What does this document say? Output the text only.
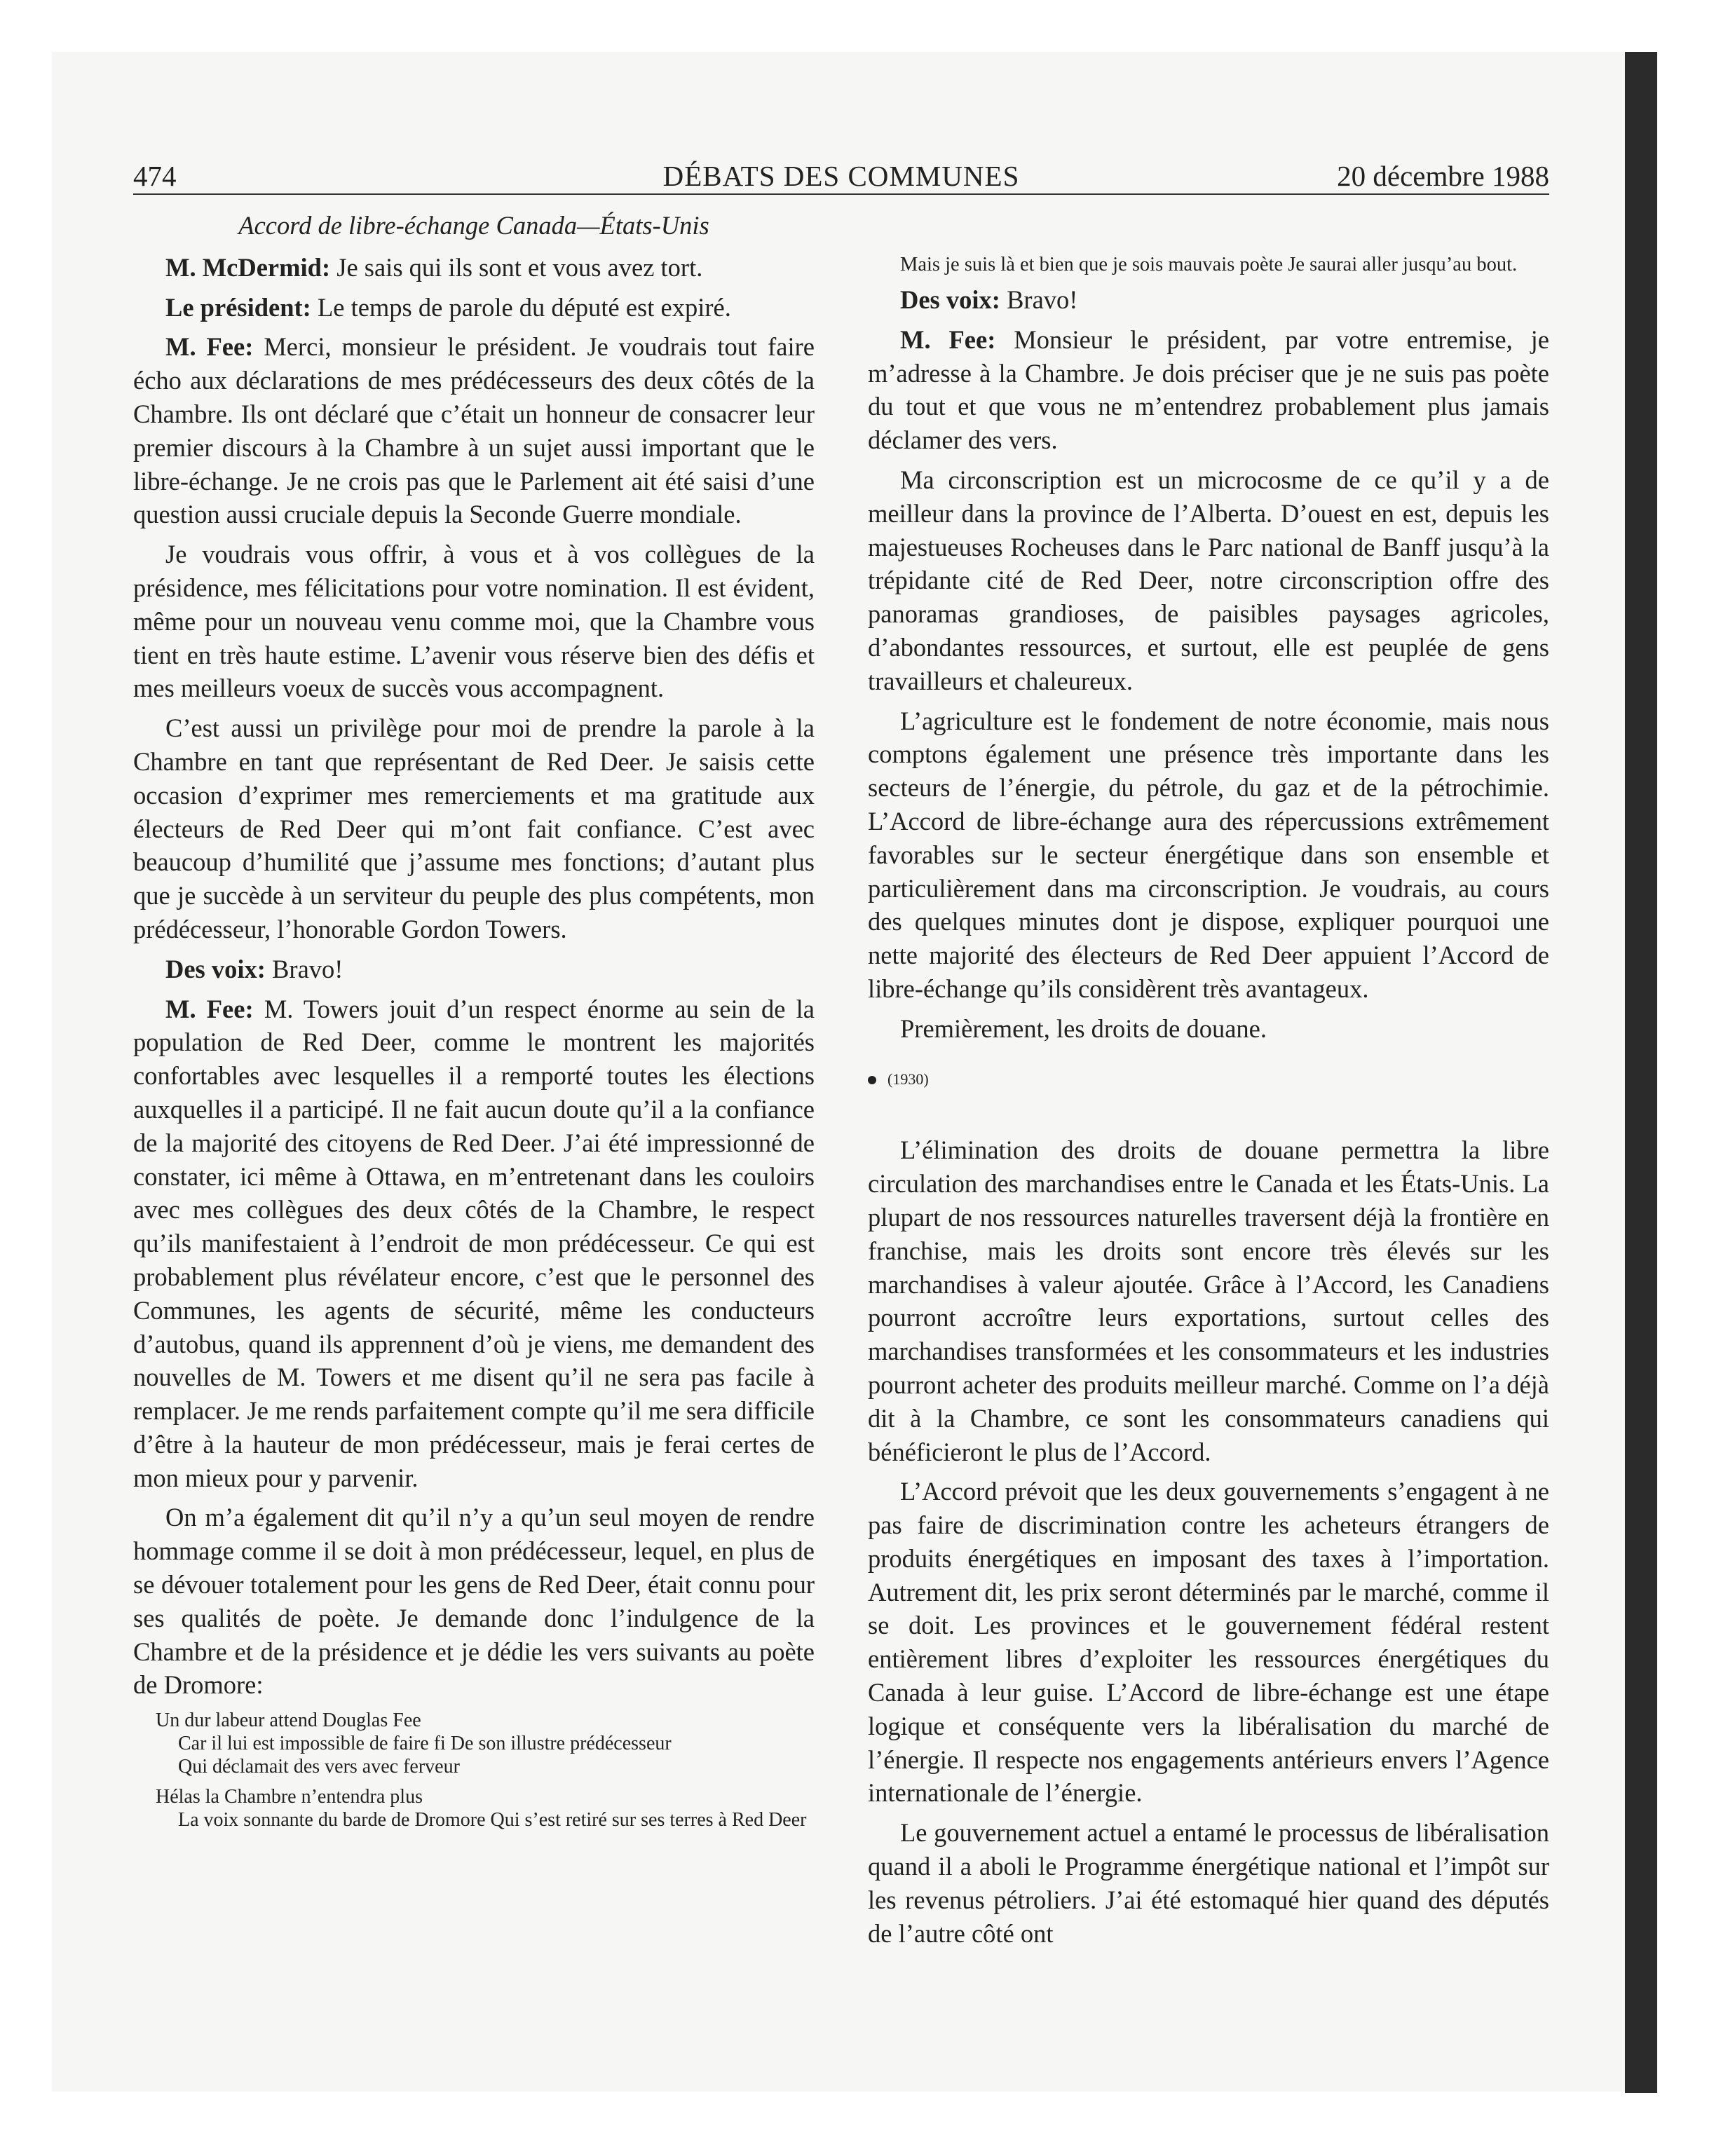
474	DÉBATS DES COMMUNES	20 décembre 1988

Accord de libre-échange Canada—États-Unis

M. McDermid: Je sais qui ils sont et vous avez tort.

Le président: Le temps de parole du député est expiré.

M. Fee: Merci, monsieur le président. Je voudrais tout faire écho aux déclarations de mes prédécesseurs des deux côtés de la Chambre. Ils ont déclaré que c’était un honneur de consacrer leur premier discours à la Chambre à un sujet aussi important que le libre-échange. Je ne crois pas que le Parlement ait été saisi d’une question aussi cruciale depuis la Seconde Guerre mondiale.

Je voudrais vous offrir, à vous et à vos collègues de la présidence, mes félicitations pour votre nomination. Il est évident, même pour un nouveau venu comme moi, que la Chambre vous tient en très haute estime. L’avenir vous réserve bien des défis et mes meilleurs voeux de succès vous accompagnent.

C’est aussi un privilège pour moi de prendre la parole à la Chambre en tant que représentant de Red Deer. Je saisis cette occasion d’exprimer mes remerciements et ma gratitude aux électeurs de Red Deer qui m’ont fait confiance. C’est avec beaucoup d’humilité que j’assume mes fonctions; d’autant plus que je succède à un serviteur du peuple des plus compétents, mon prédécesseur, l’honorable Gordon Towers.

Des voix: Bravo!

M. Fee: M. Towers jouit d’un respect énorme au sein de la population de Red Deer, comme le montrent les majorités confortables avec lesquelles il a remporté toutes les élections auxquelles il a participé. Il ne fait aucun doute qu’il a la confiance de la majorité des citoyens de Red Deer. J’ai été impressionné de constater, ici même à Ottawa, en m’entretenant dans les couloirs avec mes collègues des deux côtés de la Chambre, le respect qu’ils manifestaient à l’endroit de mon prédécesseur. Ce qui est probablement plus révélateur encore, c’est que le personnel des Communes, les agents de sécurité, même les conducteurs d’autobus, quand ils apprennent d’où je viens, me demandent des nouvelles de M. Towers et me disent qu’il ne sera pas facile à remplacer. Je me rends parfaitement compte qu’il me sera difficile d’être à la hauteur de mon prédécesseur, mais je ferai certes de mon mieux pour y parvenir.

On m’a également dit qu’il n’y a qu’un seul moyen de rendre hommage comme il se doit à mon prédécesseur, lequel, en plus de se dévouer totalement pour les gens de Red Deer, était connu pour ses qualités de poète. Je demande donc l’indulgence de la Chambre et de la présidence et je dédie les vers suivants au poète de Dromore:

Un dur labeur attend Douglas Fee
Car il lui est impossible de faire fi De son illustre prédécesseur
Qui déclamait des vers avec ferveur
Hélas la Chambre n’entendra plus
La voix sonnante du barde de Dromore Qui s’est retiré sur ses terres à Red Deer

Mais je suis là et bien que je sois mauvais poète Je saurai aller jusqu’au bout.

Des voix: Bravo!

M. Fee: Monsieur le président, par votre entremise, je m’adresse à la Chambre. Je dois préciser que je ne suis pas poète du tout et que vous ne m’entendrez probablement plus jamais déclamer des vers.

Ma circonscription est un microcosme de ce qu’il y a de meilleur dans la province de l’Alberta. D’ouest en est, depuis les majestueuses Rocheuses dans le Parc national de Banff jusqu’à la trépidante cité de Red Deer, notre circonscription offre des panoramas grandioses, de paisibles paysages agricoles, d’abondantes ressources, et surtout, elle est peuplée de gens travailleurs et chaleureux.

L’agriculture est le fondement de notre économie, mais nous comptons également une présence très importante dans les secteurs de l’énergie, du pétrole, du gaz et de la pétrochimie. L’Accord de libre-échange aura des répercussions extrêmement favorables sur le secteur énergétique dans son ensemble et particulièrement dans ma circonscription. Je voudrais, au cours des quelques minutes dont je dispose, expliquer pourquoi une nette majorité des électeurs de Red Deer appuient l’Accord de libre-échange qu’ils considèrent très avantageux.

Premièrement, les droits de douane.

(1930)

L’élimination des droits de douane permettra la libre circulation des marchandises entre le Canada et les États-Unis. La plupart de nos ressources naturelles traversent déjà la frontière en franchise, mais les droits sont encore très élevés sur les marchandises à valeur ajoutée. Grâce à l’Accord, les Canadiens pourront accroître leurs exportations, surtout celles des marchandises transformées et les consommateurs et les industries pourront acheter des produits meilleur marché. Comme on l’a déjà dit à la Chambre, ce sont les consommateurs canadiens qui bénéficieront le plus de l’Accord.

L’Accord prévoit que les deux gouvernements s’engagent à ne pas faire de discrimination contre les acheteurs étrangers de produits énergétiques en imposant des taxes à l’importation. Autrement dit, les prix seront déterminés par le marché, comme il se doit. Les provinces et le gouvernement fédéral restent entièrement libres d’exploiter les ressources énergétiques du Canada à leur guise. L’Accord de libre-échange est une étape logique et conséquente vers la libéralisation du marché de l’énergie. Il respecte nos engagements antérieurs envers l’Agence internationale de l’énergie.

Le gouvernement actuel a entamé le processus de libéralisation quand il a aboli le Programme énergétique national et l’impôt sur les revenus pétroliers. J’ai été estomaqué hier quand des députés de l’autre côté ont
